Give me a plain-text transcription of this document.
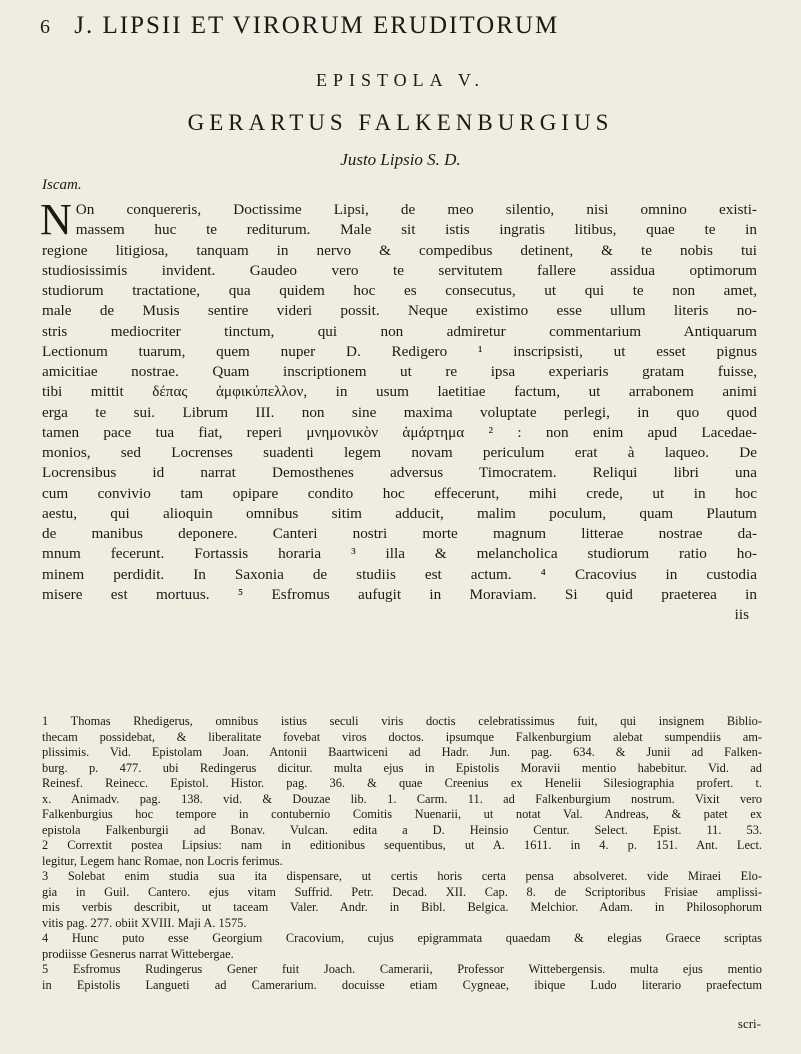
6 J. LIPSII ET VIRORUM ERUDITORUM
EPISTOLA V.
GERARTUS FALKENBURGIUS
Justo Lipsio S. D.
Iscam.
N On conquereris, Doctissime Lipsi, de meo silentio, nisi omnino existi-
massem huc te rediturum. Male sit istis ingratis litibus, quae te in
regione litigiosa, tanquam in nervo & compedibus detinent, & te nobis tui
studiosissimis invident. Gaudeo vero te servitutem fallere assidua optimorum
studiorum tractatione, qua quidem hoc es consecutus, ut qui te non amet,
male de Musis sentire videri possit. Neque existimo esse ullum literis no-
stris mediocriter tinctum, qui non admiretur commentarium Antiquarum
Lectionum tuarum, quem nuper D. Redigero ¹ inscripsisti, ut esset pignus
amicitiae nostrae. Quam inscriptionem ut re ipsa experiaris gratam fuisse,
tibi mittit δέπας ἀμφικύπελλον, in usum laetitiae factum, ut arrabonem animi
erga te sui. Librum III. non sine maxima voluptate perlegi, in quo quod
tamen pace tua fiat, reperi μνημονικὸν ἁμάρτημα ² : non enim apud Lacedae-
monios, sed Locrenses suadenti legem novam periculum erat à laqueo. De
Locrensibus id narrat Demosthenes adversus Timocratem. Reliqui libri una
cum convivio tam opipare condito hoc effecerunt, mihi crede, ut in hoc
aestu, qui alioquin omnibus sitim adducit, malim poculum, quam Plautum
de manibus deponere. Canteri nostri morte magnum litterae nostrae da-
mnum fecerunt. Fortassis horaria ³ illa & melancholica studiorum ratio ho-
minem perdidit. In Saxonia de studiis est actum. ⁴ Cracovius in custodia
misere est mortuus. ⁵ Esfromus aufugit in Moraviam. Si quid praeterea in
iis
1 Thomas Rhedigerus, omnibus istius seculi viris doctis celebratissimus fuit, qui insignem Biblio-
thecam possidebat, & liberalitate fovebat viros doctos. ipsumque Falkenburgium alebat sumpendiis am-
plissimis. Vid. Epistolam Joan. Antonii Baartwiceni ad Hadr. Jun. pag. 634. & Junii ad Falken-
burg. p. 477. ubi Redingerus dicitur. multa ejus in Epistolis Moravii mentio habebitur. Vid. ad
Reinesf. Reinecc. Epistol. Histor. pag. 36. & quae Creenius ex Henelii Silesiographia profert. t.
x. Animadv. pag. 138. vid. & Douzae lib. 1. Carm. 11. ad Falkenburgium nostrum. Vixit vero
Falkenburgius hoc tempore in contubernio Comitis Nuenarii, ut notat Val. Andreas, & patet ex
epistola Falkenburgii ad Bonav. Vulcan. edita a D. Heinsio Centur. Select. Epist. 11. 53.
2 Corrextit postea Lipsius: nam in editionibus sequentibus, ut A. 1611. in 4. p. 151. Ant. Lect.
legitur, Legem hanc Romae, non Locris ferimus.
3 Solebat enim studia sua ita dispensare, ut certis horis certa pensa absolveret. vide Miraei Elo-
gia in Guil. Cantero. ejus vitam Suffrid. Petr. Decad. XII. Cap. 8. de Scriptoribus Frisiae amplissi-
mis verbis describit, ut taceam Valer. Andr. in Bibl. Belgica. Melchior. Adam. in Philosophorum
vitis pag. 277. obiit XVIII. Maji A. 1575.
4 Hunc puto esse Georgium Cracovium, cujus epigrammata quaedam & elegias Graece scriptas
prodiisse Gesnerus narrat Wittebergae.
5 Esfromus Rudingerus Gener fuit Joach. Camerarii, Professor Wittebergensis. multa ejus mentio
in Epistolis Langueti ad Camerarium. docuisse etiam Cygneae, ibique Ludo literario praefectum
scri-
